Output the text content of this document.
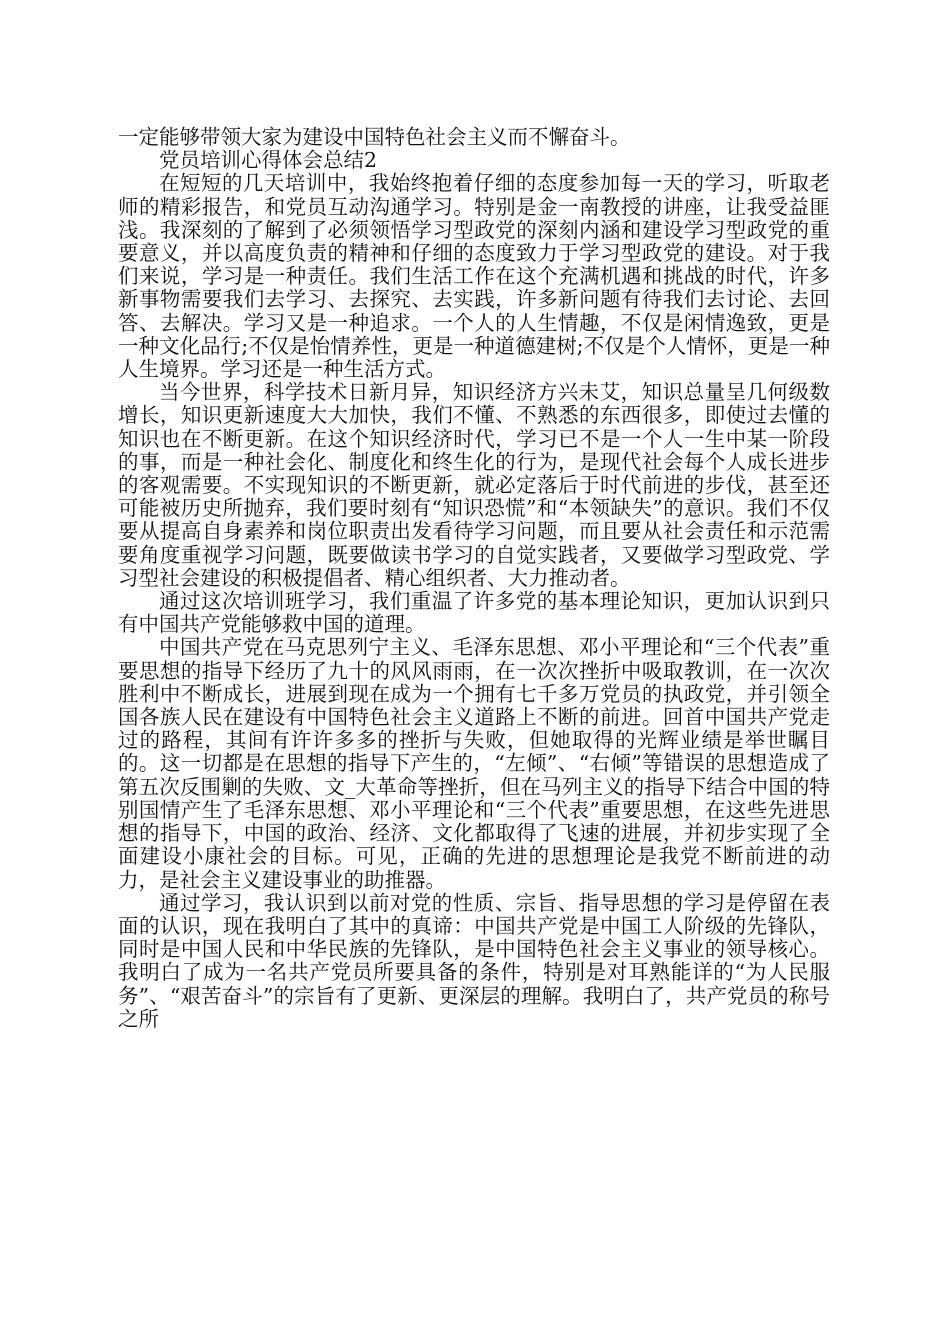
一定能够带领大家为建设中国特色社会主义而不懈奋斗。

党员培训心得体会总结2

在短短的几天培训中，我始终抱着仔细的态度参加每一天的学习，听取老师的精彩报告，和党员互动沟通学习。特别是金一南教授的讲座，让我受益匪浅。我深刻的了解到了必须领悟学习型政党的深刻内涵和建设学习型政党的重要意义，并以高度负责的精神和仔细的态度致力于学习型政党的建设。对于我们来说，学习是一种责任。我们生活工作在这个充满机遇和挑战的时代，许多新事物需要我们去学习、去探究、去实践，许多新问题有待我们去讨论、去回答、去解决。学习又是一种追求。一个人的人生情趣，不仅是闲情逸致，更是一种文化品行;不仅是怡情养性，更是一种道德建树;不仅是个人情怀，更是一种人生境界。学习还是一种生活方式。

当今世界，科学技术日新月异，知识经济方兴未艾，知识总量呈几何级数增长，知识更新速度大大加快，我们不懂、不熟悉的东西很多，即使过去懂的知识也在不断更新。在这个知识经济时代，学习已不是一个人一生中某一阶段的事，而是一种社会化、制度化和终生化的行为，是现代社会每个人成长进步的客观需要。不实现知识的不断更新，就必定落后于时代前进的步伐，甚至还可能被历史所抛弃，我们要时刻有“知识恐慌”和“本领缺失”的意识。我们不仅要从提高自身素养和岗位职责出发看待学习问题，而且要从社会责任和示范需要角度重视学习问题，既要做读书学习的自觉实践者，又要做学习型政党、学习型社会建设的积极提倡者、精心组织者、大力推动者。

通过这次培训班学习，我们重温了许多党的基本理论知识，更加认识到只有中国共产党能够救中国的道理。

中国共产党在马克思列宁主义、毛泽东思想、邓小平理论和“三个代表”重要思想的指导下经历了九十的风风雨雨，在一次次挫折中吸取教训，在一次次胜利中不断成长，进展到现在成为一个拥有七千多万党员的执政党，并引领全国各族人民在建设有中国特色社会主义道路上不断的前进。回首中国共产党走过的路程，其间有许许多多的挫折与失败，但她取得的光辉业绩是举世瞩目的。这一切都是在思想的指导下产生的，“左倾”、“右倾”等错误的思想造成了第五次反围剿的失败、文_大革命等挫折，但在马列主义的指导下结合中国的特别国情产生了毛泽东思想、邓小平理论和“三个代表”重要思想，在这些先进思想的指导下，中国的政治、经济、文化都取得了飞速的进展，并初步实现了全面建设小康社会的目标。可见，正确的先进的思想理论是我党不断前进的动力，是社会主义建设事业的助推器。

通过学习，我认识到以前对党的性质、宗旨、指导思想的学习是停留在表面的认识，现在我明白了其中的真谛：中国共产党是中国工人阶级的先锋队，同时是中国人民和中华民族的先锋队，是中国特色社会主义事业的领导核心。我明白了成为一名共产党员所要具备的条件，特别是对耳熟能详的“为人民服务”、“艰苦奋斗”的宗旨有了更新、更深层的理解。我明白了，共产党员的称号之所
